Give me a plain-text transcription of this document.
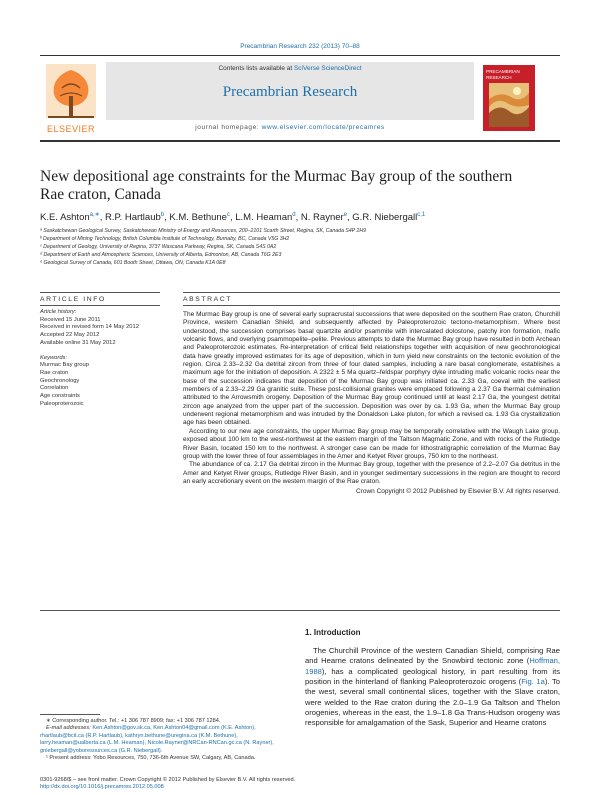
Precambrian Research 232 (2013) 70–88
ELSEVIER
Contents lists available at SciVerse ScienceDirect
Precambrian Research
journal homepage: www.elsevier.com/locate/precamres
PRECAMBRIAN
RESEARCH
New depositional age constraints for the Murmac Bay group of the southern Rae craton, Canada
K.E. Ashton$^{a,∗}$, R.P. Hartlaub$^b$, K.M. Bethune$^c$, L.M. Heaman$^d$, N. Rayner$^e$, G.R. Niebergall$^{c,1}$
ᵃ Saskatchewan Geological Survey, Saskatchewan Ministry of Energy and Resources, 200–2101 Scarth Street, Regina, SK, Canada S4P 2H9
ᵇ Department of Mining Technology, British Columbia Institute of Technology, Burnaby, BC, Canada V5G 3H2
ᶜ Department of Geology, University of Regina, 3737 Wascana Parkway, Regina, SK, Canada S4S 0A2
ᵈ Department of Earth and Atmospheric Sciences, University of Alberta, Edmonton, AB, Canada T6G 2E3
ᵉ Geological Survey of Canada, 601 Booth Street, Ottawa, ON, Canada K1A 0E8
ARTICLE INFO	ABSTRACT
Article history:
Received 15 June 2011
Received in revised form 14 May 2012
Accepted 22 May 2012
Available online 31 May 2012
Keywords:
Murmac Bay group
Rae craton
Geochronology
Correlation
Age constraints
Paleoproterozoic

The Murmac Bay group is one of several early supracrustal successions that were deposited on the southern Rae craton, Churchill Province, western Canadian Shield, and subsequently affected by Paleoproterozoic tectono-metamorphism. Where best understood, the succession comprises basal quartzite and/or psammite with intercalated dolostone, patchy iron formation, mafic volcanic flows, and overlying psammopelite–pelite. Previous attempts to date the Murmac Bay group have resulted in both Archean and Paleoproterozoic estimates. Re-interpretation of critical field relationships together with acquisition of new geochronological data have greatly improved estimates for its age of deposition, which in turn yield new constraints on the tectonic evolution of the region. Circa 2.33–2.32 Ga detrital zircon from three of four dated samples, including a rare basal conglomerate, establishes a maximum age for the initiation of deposition. A 2322 ± 5 Ma quartz–feldspar porphyry dyke intruding mafic volcanic rocks near the base of the succession indicates that deposition of the Murmac Bay group was initiated ca. 2.33 Ga, coeval with the earliest members of a 2.33–2.29 Ga granitic suite. These post-collisional granites were emplaced following a 2.37 Ga thermal culmination attributed to the Arrowsmith orogeny. Deposition of the Murmac Bay group continued until at least 2.17 Ga, the youngest detrital zircon age analyzed from the upper part of the succession. Deposition was over by ca. 1.93 Ga, when the Murmac Bay group underwent regional metamorphism and was intruded by the Donaldson Lake pluton, for which a revised ca. 1.93 Ga crystallization age has been obtained.

According to our new age constraints, the upper Murmac Bay group may be temporally correlative with the Waugh Lake group, exposed about 100 km to the west-northwest at the eastern margin of the Taltson Magmatic Zone, and with rocks of the Rutledge River Basin, located 150 km to the northwest. A stronger case can be made for lithostratigraphic correlation of the Murmac Bay group with the lower three of four assemblages in the Amer and Ketyet River groups, 750 km to the northeast.

The abundance of ca. 2.17 Ga detrital zircon in the Murmac Bay group, together with the presence of 2.2–2.07 Ga detritus in the Amer and Ketyet River groups, Rutledge River Basin, and in younger sedimentary successions in the region are thought to record an early accretionary event on the western margin of the Rae craton.

Crown Copyright © 2012 Published by Elsevier B.V. All rights reserved.

1. Introduction
The Churchill Province of the western Canadian Shield, comprising Rae and Hearne cratons delineated by the Snowbird tectonic zone (Hoffman, 1988), has a complicated geological history, in part resulting from its position in the hinterland of flanking Paleoproterozoic orogens (Fig. 1a). To the west, several small continental slices, together with the Slave craton, were welded to the Rae craton during the 2.0–1.9 Ga Taltson and Thelon orogenies, whereas in the east, the 1.9–1.8 Ga Trans-Hudson orogeny was responsible for amalgamation of the Sask, Superior and Hearne cratons
∗ Corresponding author. Tel.: +1 306 787 8909; fax: +1 306 787 1284.
E-mail addresses: Ken.Ashton@gov.sk.ca, Ken.Ashton04@gmail.com (K.E. Ashton), rhartlaub@bcit.ca (R.P. Hartlaub), kathryn.bethune@uregina.ca (K.M. Bethune), larry.heaman@ualberta.ca (L.M. Heaman), Nicole.Rayner@NRCan-RNCan.gc.ca (N. Rayner), gniebergall@yoboresources.ca (G.R. Niebergall).
¹ Present address: Yobo Resources, 750, 736-6th Avenue SW, Calgary, AB, Canada.
0301-9268/$ – see front matter. Crown Copyright © 2012 Published by Elsevier B.V. All rights reserved.
http://dx.doi.org/10.1016/j.precamres.2012.05.008
